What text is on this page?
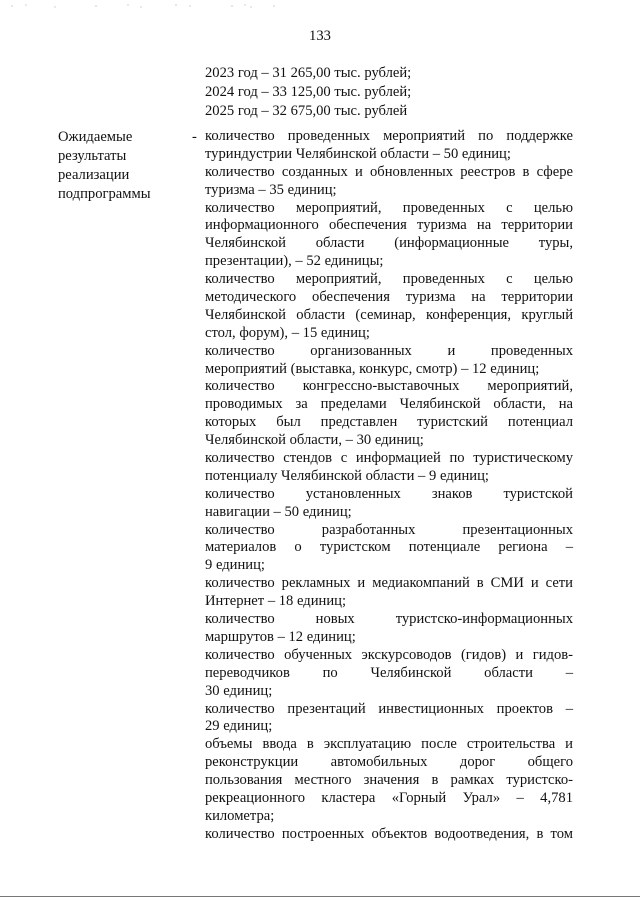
133
2023 год – 31 265,00 тыс. рублей;
2024 год – 33 125,00 тыс. рублей;
2025 год – 32 675,00 тыс. рублей
Ожидаемые
результаты
реализации
подпрограммы
- количество проведенных мероприятий по поддержке
туриндустрии Челябинской области – 50 единиц;
количество созданных и обновленных реестров в сфере
туризма – 35 единиц;
количество мероприятий, проведенных с целью
информационного обеспечения туризма на территории
Челябинской области (информационные туры,
презентации), – 52 единицы;
количество мероприятий, проведенных с целью
методического обеспечения туризма на территории
Челябинской области (семинар, конференция, круглый
стол, форум), – 15 единиц;
количество организованных и проведенных
мероприятий (выставка, конкурс, смотр) – 12 единиц;
количество конгрессно-выставочных мероприятий,
проводимых за пределами Челябинской области, на
которых был представлен туристский потенциал
Челябинской области, – 30 единиц;
количество стендов с информацией по туристическому
потенциалу Челябинской области – 9 единиц;
количество установленных знаков туристской
навигации – 50 единиц;
количество разработанных презентационных
материалов о туристском потенциале региона –
9 единиц;
количество рекламных и медиакомпаний в СМИ и сети
Интернет – 18 единиц;
количество новых туристско-информационных
маршрутов – 12 единиц;
количество обученных экскурсоводов (гидов) и гидов-
переводчиков по Челябинской области –
30 единиц;
количество презентаций инвестиционных проектов –
29 единиц;
объемы ввода в эксплуатацию после строительства и
реконструкции автомобильных дорог общего
пользования местного значения в рамках туристско-
рекреационного кластера «Горный Урал» – 4,781
километра;
количество построенных объектов водоотведения, в том
